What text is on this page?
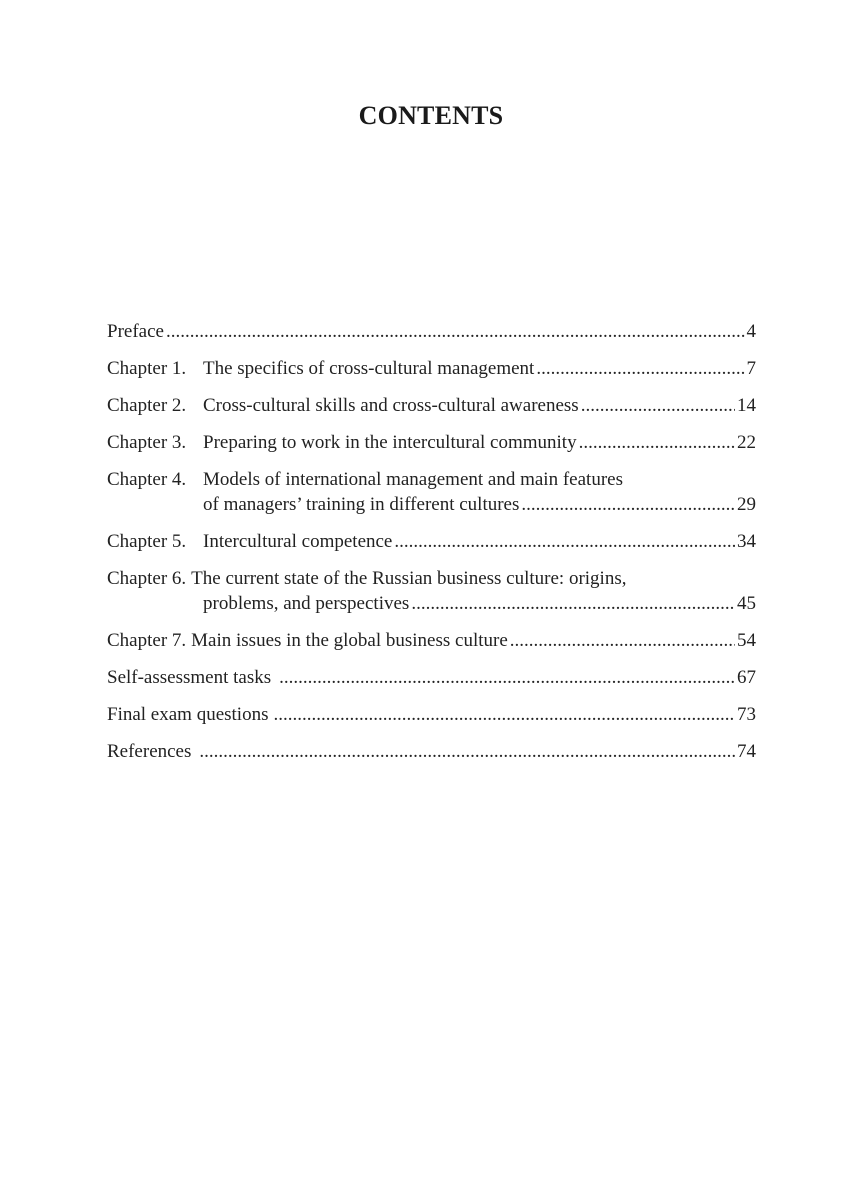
CONTENTS
Preface .....	4
Chapter 1. The specifics of cross-cultural management .....	7
Chapter 2. Cross-cultural skills and cross-cultural awareness .....	14
Chapter 3. Preparing to work in the intercultural community .....	22
Chapter 4. Models of international management and main features
of managers’ training in different cultures .....	29
Chapter 5. Intercultural competence .....	34
Chapter 6. The current state of the Russian business culture: origins,
problems, and perspectives .....	45
Chapter 7. Main issues in the global business culture .....	54
Self-assessment tasks .....	67
Final exam questions .....	73
References .....	74
